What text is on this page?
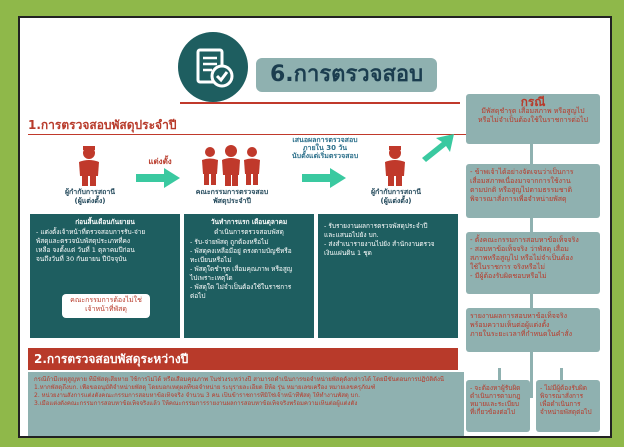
6.การตรวจสอบ
1.การตรวจสอบพัสดุประจำปี
ผู้กำกับการสถานี
(ผู้แต่งตั้ง)
แต่งตั้ง
คณะกรรมการตรวจสอบ
พัสดุประจำปี
เสนอผลการตรวจสอบ
ภายใน 30 วัน
นับตั้งแต่เริ่มตรวจสอบ
ผู้กำกับการสถานี
(ผู้แต่งตั้ง)
ก่อนสิ้นเดือนกันยายน
- แต่งตั้งเจ้าหน้าที่ตรวจสอบการรับ-จ่าย
พัสดุและตรวจนับพัสดุประเภทที่คง
เหลือ จงตั้งแต่ วันที่ 1 ตุลาคมปีก่อน
จนถึงวันที่ 30 กันยายน ปีปัจจุบัน
คณะกรรมการต้องไม่ใช่
เจ้าหน้าที่พัสดุ
วันทำการแรก เดือนตุลาคม
ดำเนินการตรวจสอบพัสดุ
- รับ-จ่ายพัสดุ ถูกต้องหรือไม่
- พัสดุคงเหลือมีอยู่ ตรงตามบัญชีหรือ
ทะเบียนหรือไม่
- พัสดุใดชำรุด เสื่อมคุณภาพ หรือสูญ
ไปเพราะเหตุใด
- พัสดุใด ไม่จำเป็นต้องใช้ในราชการ
ต่อไป
- รับรายงานผลการตรวจพัสดุประจำปี
และแสนอไปยัง บก.
- ส่งสำเนารายงานไปยัง สำนักงานตรวจ
เงินแผ่นดิน 1 ชุด
กรณี
มีพัสดุชำรุด เสื่อมสภาพ หรือสูญไป
หรือไม่จำเป็นต้องใช้ในราชการต่อไป
- ข้าพเจ้าได้อย่างจัดเจนว่าเป็นการ
เสื่อมสภาพเนื่องมาจากการใช้งาน
ตามปกติ หรือสูญไปตามธรรมชาติ
พิจารณาสั่งการเพื่อจำหน่ายพัสดุ
- ตั้งคณะกรรมการสอบหาข้อเท็จจริง
- สอบหาข้อเท็จจริง ว่าพัสดุ เสื่อม
สภาพหรือสูญไป หรือไม่จำเป็นต้อง
ใช้ในราชการ จริงหรือไม่
- มีผู้ต้องรับผิดชอบหรือไม่
รายงานผลการสอบหาข้อเท็จจริง
พร้อมความเห็นต่อผู้แต่งตั้ง
ภายในระยะเวลาที่กำหนดในคำสั่ง
- จะต้องหาผู้รับผิด
ดำเนินการตามกฎ
หมายและระเบียบ
ที่เกี่ยวข้องต่อไป
- ไม่มีผู้ต้องรับผิด
พิจารณาสั่งการ
เพื่อดำเนินการ
จำหน่ายพัสดุต่อไป
2.การตรวจสอบพัสดุระหว่างปี
กรณีถ้ามีเหตุสูญหาย ที่มีพัสดุเสียหาย ใช้การไม่ได้ หรือเสื่อมคุณภาพ ในช่วงระหว่างปี สามารถดำเนินการขอจำหน่ายพัสดุดังกล่าวได้ โดยมีขั้นตอนการปฏิบัติดังนี้
1.หากพัสดุถึงบก. เพื่อขออนุมัติจำหน่ายพัสดุ โดยบอกเหตุผลที่ขอจำหน่าย ระบุรายละเอียด ยี่ห้อ รุ่น หมายเลขเครื่อง หมายเลขครุภัณฑ์
2. หน่วยงานสั่งการแต่งตั้งคณะกรรมการสอบหาข้อเท็จจริง จำนวน 3 คน เป็นข้าราชการที่มิใช่เจ้าหน้าที่พัสดุ ให้ทำงานพัสดุ บก.
3.เมื่อแต่งตั้งคณะกรรมการสอบหาข้อเท็จจริงแล้ว ให้คณะกรรมการรายงานผลการสอบหาข้อเท็จจริงพร้อมความเห็นต่อผู้แต่งตั้ง
